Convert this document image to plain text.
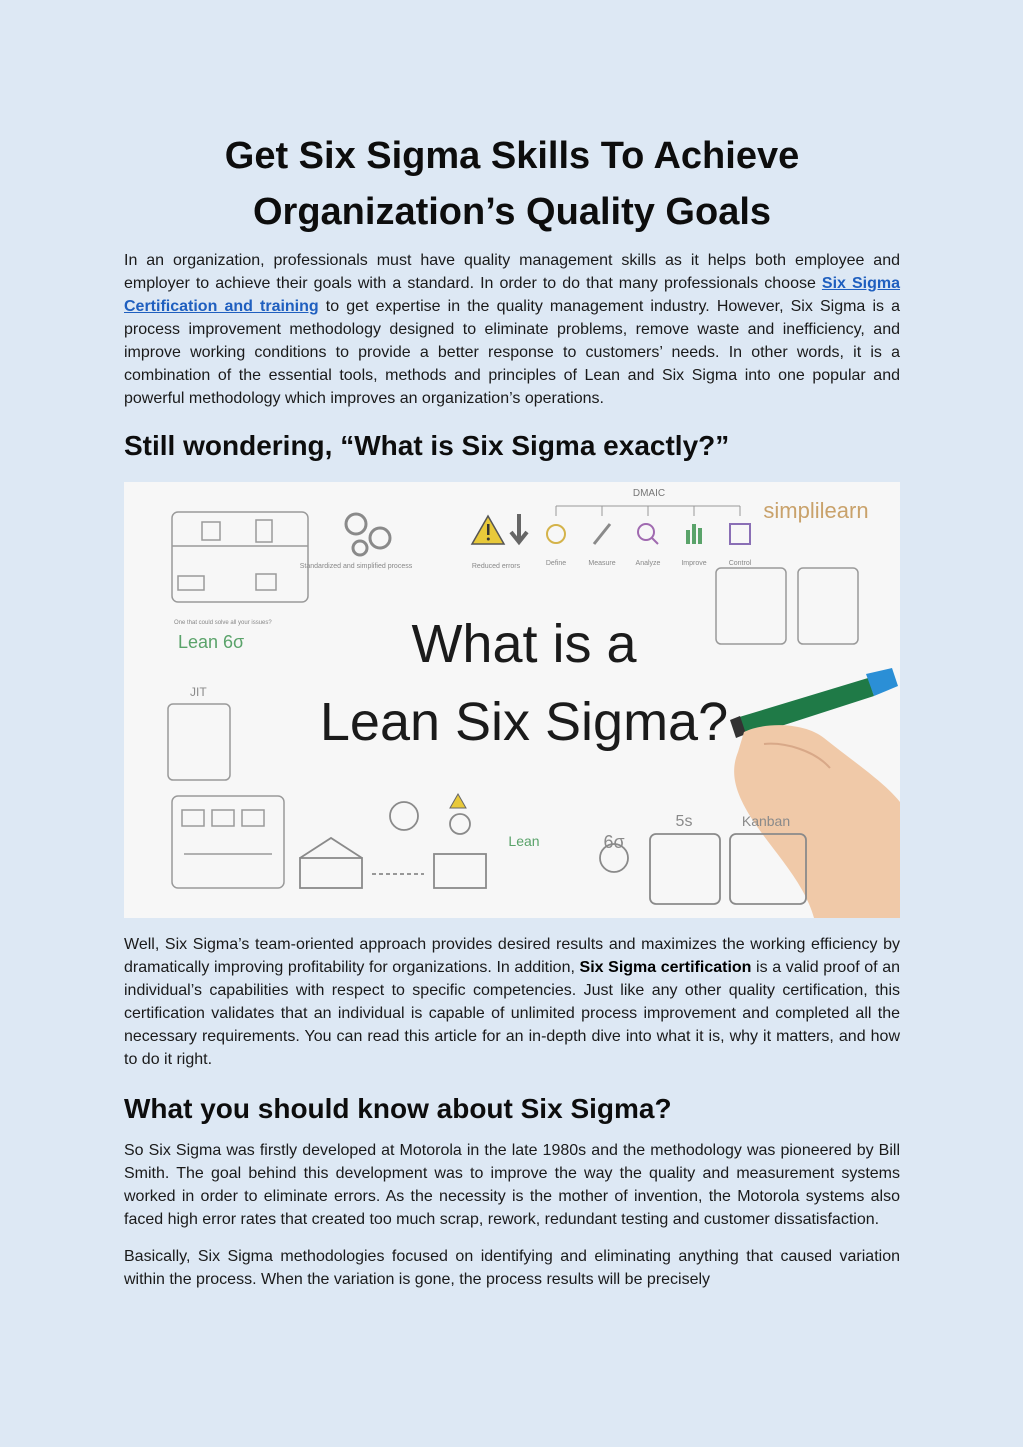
Get Six Sigma Skills To Achieve
Organization’s Quality Goals

In an organization, professionals must have quality management skills as it helps both employee and employer to achieve their goals with a standard. In order to do that many professionals choose Six Sigma Certification and training to get expertise in the quality management industry. However, Six Sigma is a process improvement methodology designed to eliminate problems, remove waste and inefficiency, and improve working conditions to provide a better response to customers’ needs. In other words, it is a combination of the essential tools, methods and principles of Lean and Six Sigma into one popular and powerful methodology which improves an organization’s operations.

Still wondering, “What is Six Sigma exactly?”
DMAIC
Define	Measure	Analyze	Improve	Control
simplilearn
Reduced errors
Standardized and simplified process
One that could solve all your issues?
Lean 6σ
JIT
What is a
Lean Six Sigma?
Lean	6σ
5s	Kanban

Well, Six Sigma’s team-oriented approach provides desired results and maximizes the working efficiency by dramatically improving profitability for organizations. In addition, Six Sigma certification is a valid proof of an individual’s capabilities with respect to specific competencies. Just like any other quality certification, this certification validates that an individual is capable of unlimited process improvement and completed all the necessary requirements. You can read this article for an in-depth dive into what it is, why it matters, and how to do it right.

What you should know about Six Sigma?

So Six Sigma was firstly developed at Motorola in the late 1980s and the methodology was pioneered by Bill Smith. The goal behind this development was to improve the way the quality and measurement systems worked in order to eliminate errors. As the necessity is the mother of invention, the Motorola systems also faced high error rates that created too much scrap, rework, redundant testing and customer dissatisfaction.

Basically, Six Sigma methodologies focused on identifying and eliminating anything that caused variation within the process. When the variation is gone, the process results will be precisely
